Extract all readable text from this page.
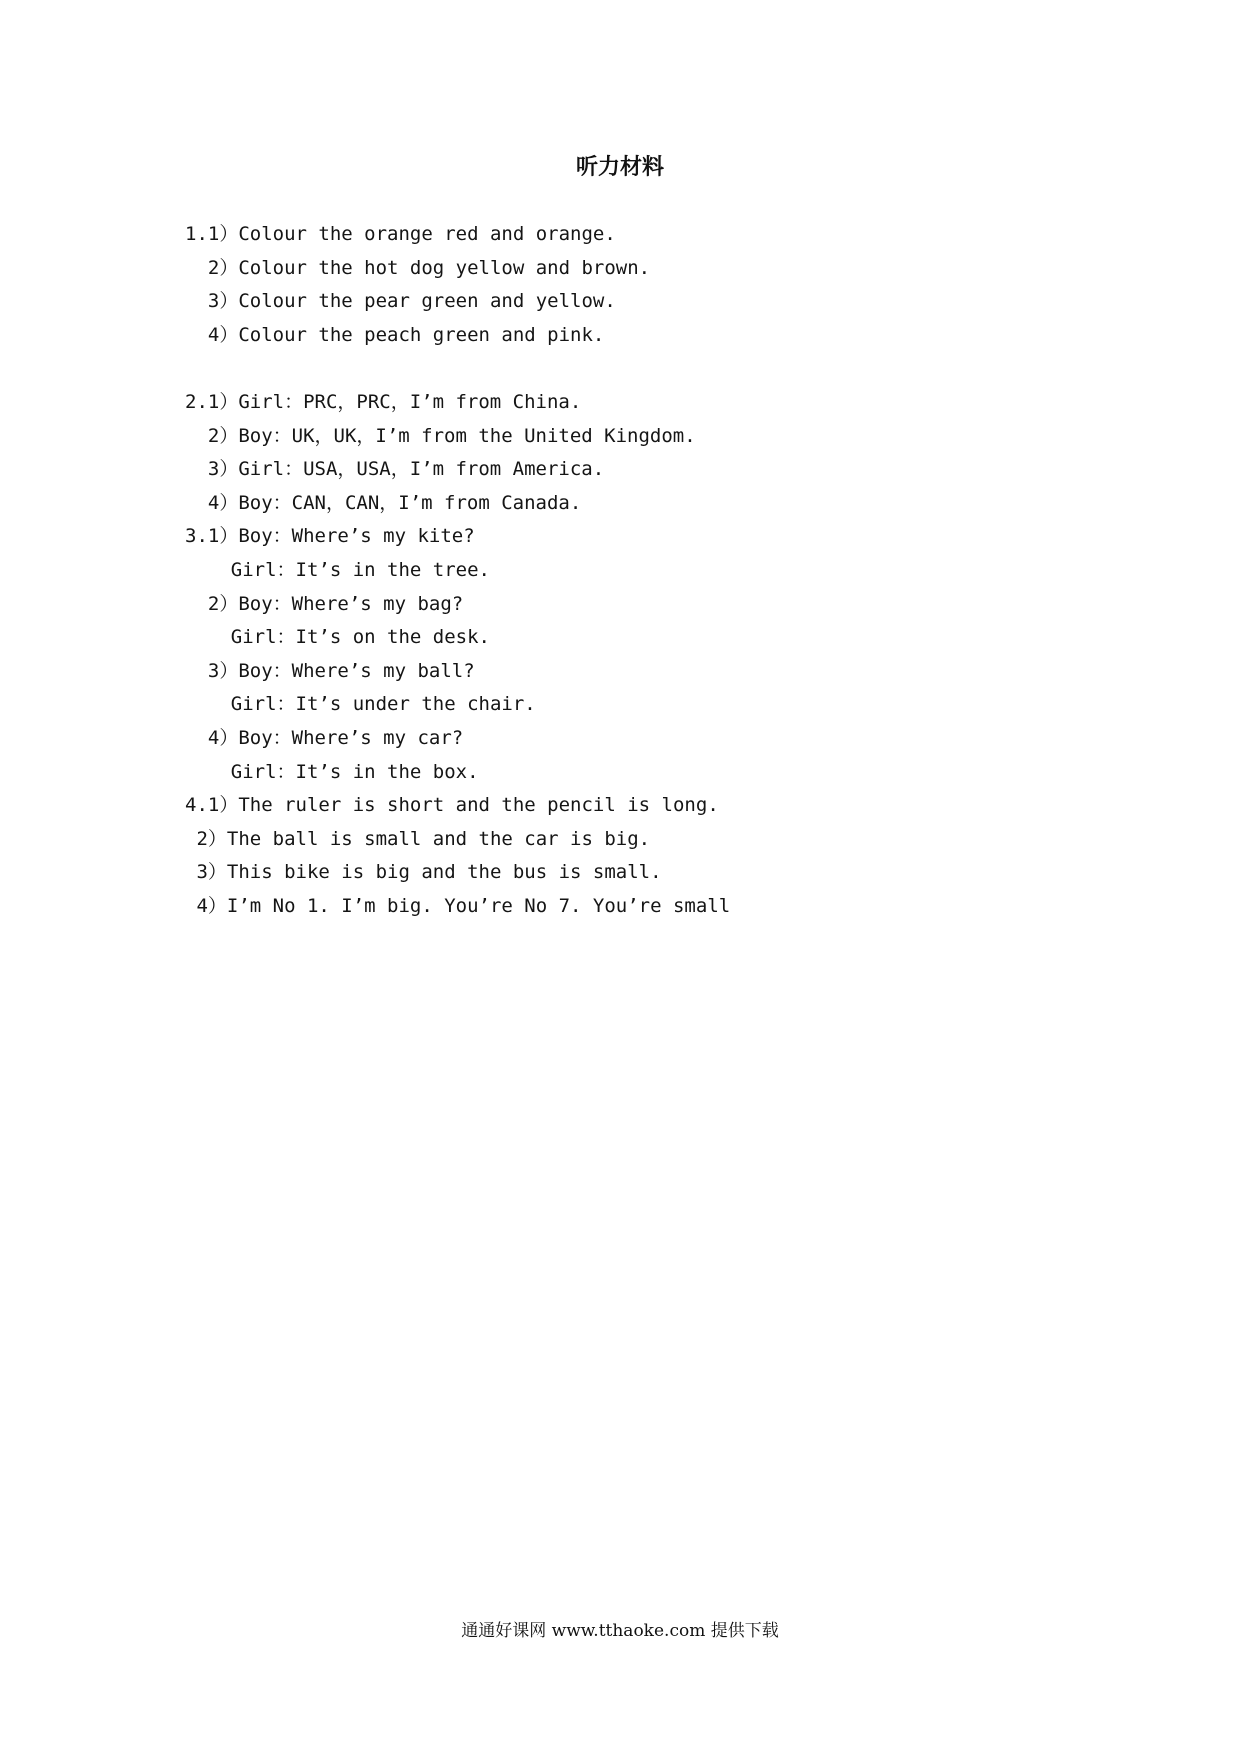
听力材料
1.1）Colour the orange red and orange.
2）Colour the hot dog yellow and brown.
3）Colour the pear green and yellow.
4）Colour the peach green and pink.
2.1）Girl：PRC，PRC，I’m from China.
2）Boy：UK，UK，I’m from the United Kingdom.
3）Girl：USA，USA，I’m from America.
4）Boy：CAN，CAN，I’m from Canada.
3.1）Boy：Where’s my kite?
Girl：It’s in the tree.
2）Boy：Where’s my bag?
Girl：It’s on the desk.
3）Boy：Where’s my ball?
Girl：It’s under the chair.
4）Boy：Where’s my car?
Girl：It’s in the box.
4.1）The ruler is short and the pencil is long.
2）The ball is small and the car is big.
3）This bike is big and the bus is small.
4）I’m No 1. I’m big. You’re No 7. You’re small
通通好课网 www.tthaoke.com 提供下载
